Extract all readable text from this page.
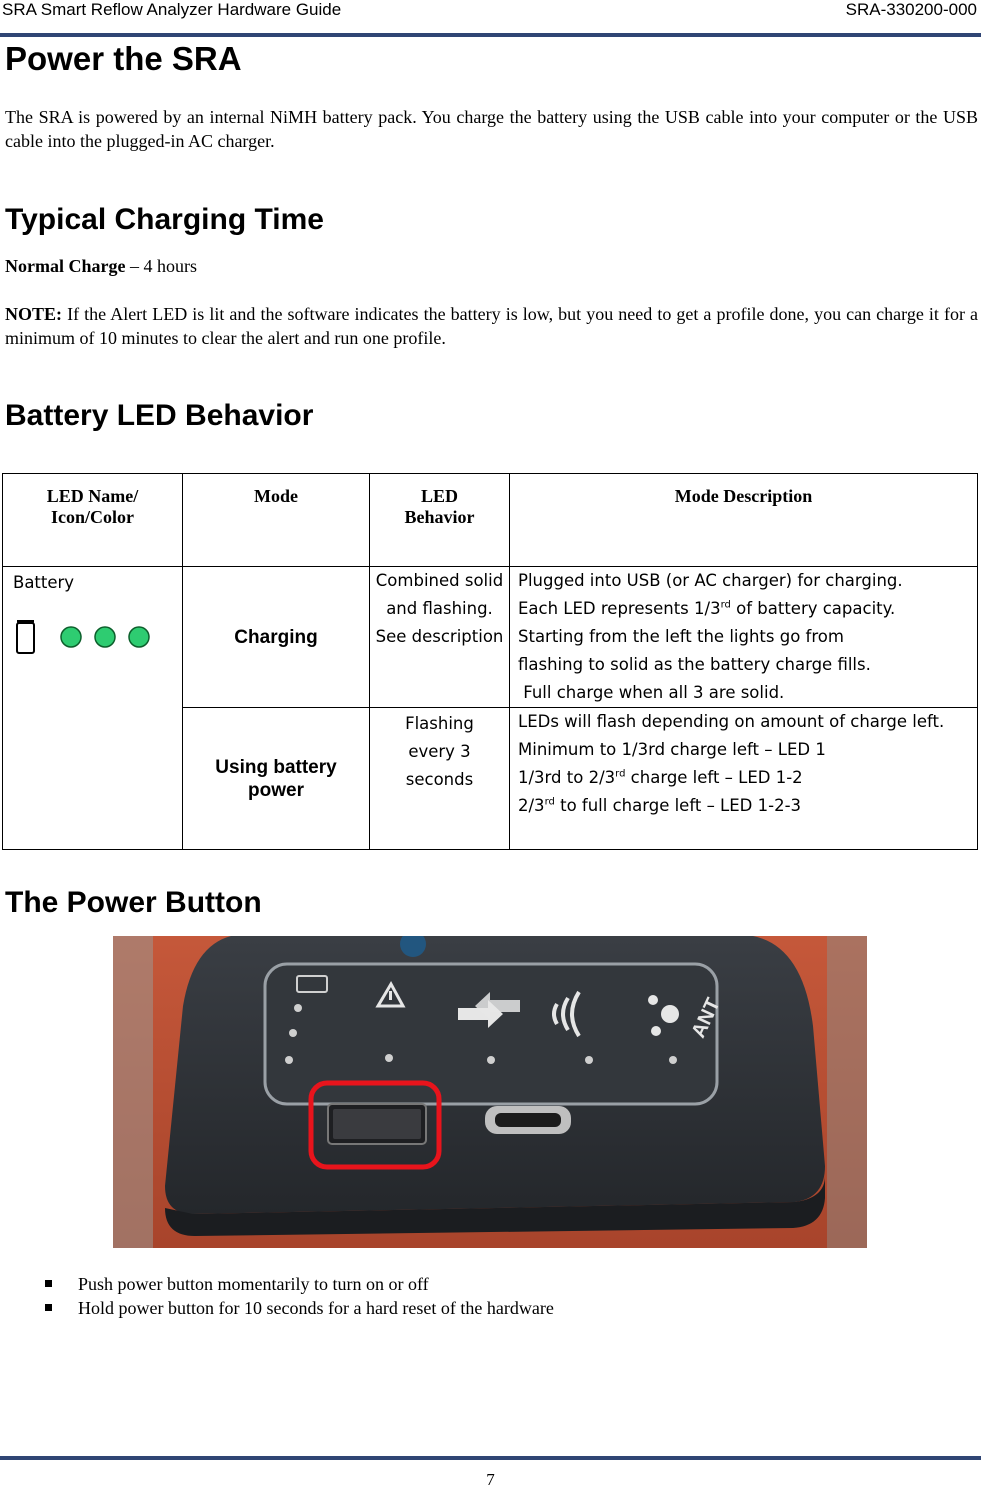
SRA Smart Reflow Analyzer Hardware Guide	SRA-330200-000
Power the SRA
The SRA is powered by an internal NiMH battery pack. You charge the battery using the USB cable into your computer or the USB cable into the plugged-in AC charger.
Typical Charging Time
Normal Charge – 4 hours
NOTE: If the Alert LED is lit and the software indicates the battery is low, but you need to get a profile done, you can charge it for a minimum of 10 minutes to clear the alert and run one profile.
Battery LED Behavior
LED Name/ Icon/Color	Mode	LED Behavior	Mode Description

Battery	Charging	Combined solid and flashing. See description	Plugged into USB (or AC charger) for charging.
Each LED represents 1/3rd of battery capacity.
Starting from the left the lights go from
flashing to solid as the battery charge fills.
Full charge when all 3 are solid.

	Using battery power	Flashing every 3 seconds	LEDs will flash depending on amount of charge left.
Minimum to 1/3rd charge left – LED 1
1/3rd to 2/3rd charge left – LED 1-2
2/3rd to full charge left – LED 1-2-3
The Power Button
ANT
Push power button momentarily to turn on or off
Hold power button for 10 seconds for a hard reset of the hardware
7
